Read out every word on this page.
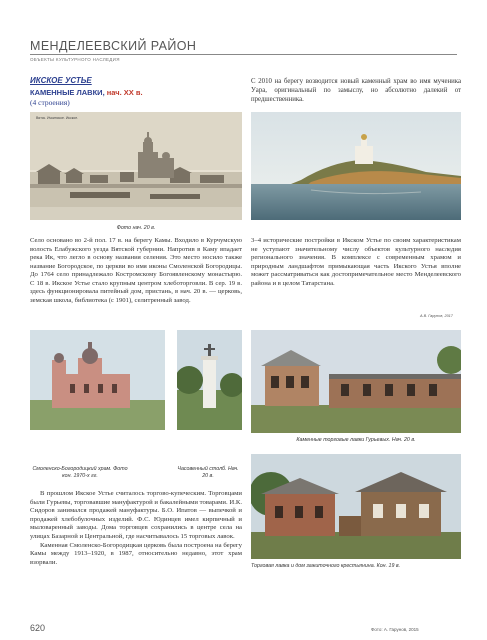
МЕНДЕЛЕЕВСКИЙ РАЙОН
ОБЪЕКТЫ КУЛЬТУРНОГО НАСЛЕДИЯ
ИКСКОЕ УСТЬЕ
КАМЕННЫЕ ЛАВКИ, нач. XX в.
(4 строения)
С 2010 на берегу возводится новый каменный храм во имя мученика Уара, оригинальный по замыслу, но абсолютно далекий от предшественника.
Вятск. Ичкинское. Икское.
Фото нач. 20 в.
А.В. Гарунов, 2017
Село основано во 2-й пол. 17 в. на берегу Камы. Входило в Курчумскую волость Елабужского уезда Вятской губернии. Напротив в Каму впадает река Ик, что легло в основу названия селения. Это место носило также название Богородское, по церкви во имя иконы Смоленской Богородицы. До 1764 село принадлежало Костромскому Богоявленскому монастырю. С 18 в. Икское Устье стало крупным центром хлеботорговли. В сер. 19 в. здесь функционировала питейный дом, пристань, в нач. 20 в. — церковь, земская школа, библиотека (с 1901), селитренный завод.
3–4 исторические постройки в Икском Устье по своим характеристикам не уступают значительному числу объектов культурного наследия регионального значения. В комплексе с современным храмом и природным ландшафтом примыкающая часть Икского Устья вполне может рассматриваться как достопримечательное место Менделеевского района и в целом Татарстана.
Смоленско-Богородицкий храм. Фото кон. 1970-х гг.
Часовенный столб. Нач. 20 в.
Каменные торговые лавки Гурьевых. Нач. 20 в.

В прошлом Икское Устье считалось торгово-купеческим. Торговцами были Гурьевы, торговавшие мануфактурой и бакалейными товарами. И.К. Сидоров занимался продажей мануфактуры. Б.О. Ипатов — выпечкой и продажей хлебобулочных изделий. Ф.С. Юдинцев имел кирпичный и мыловаренный заводы. Дома торговцев сохранились в центре села на улицах Базарной и Центральной, где насчитывалось 15 торговых лавок.

Каменная Смоленско-Богородицкая церковь была построена на берегу Камы между 1913–1920, в 1987, относительно недавно, этот храм взорвали.

Торговая лавка и дом зажиточного крестьянина. Кон. 19 в.
620	Фото: А. Гарунов, 2015
